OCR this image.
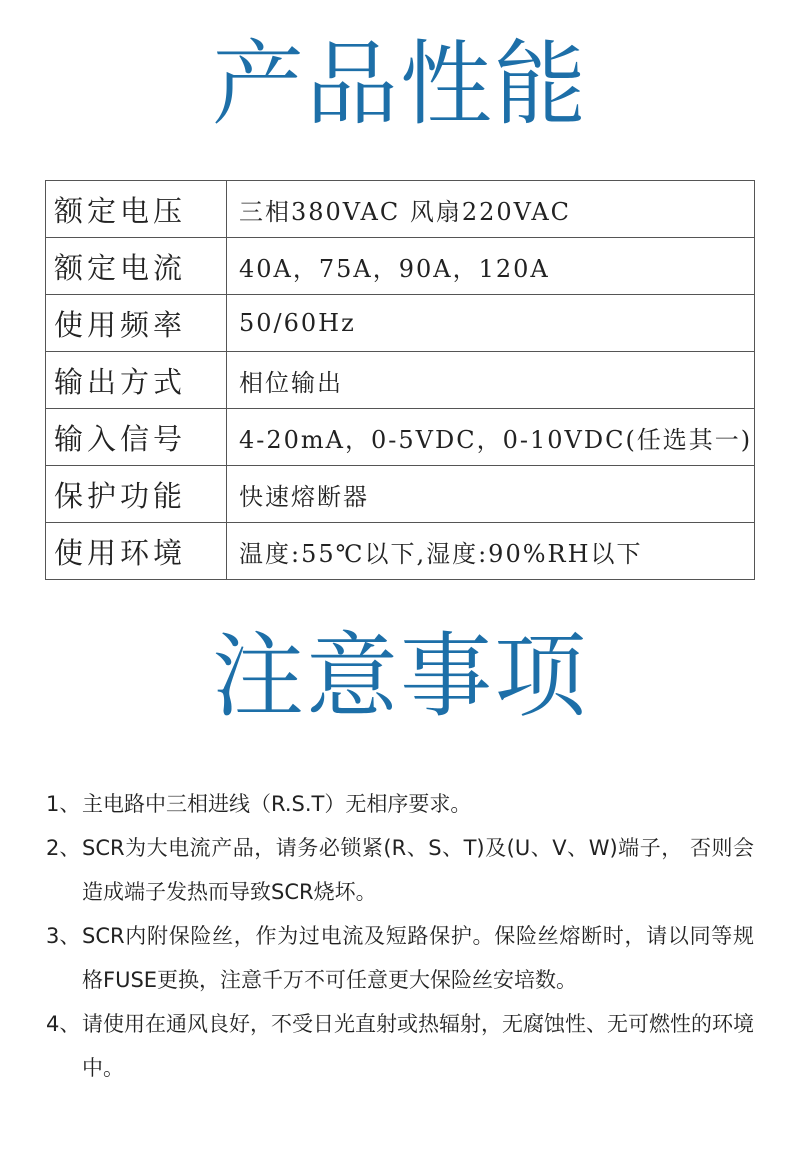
产品性能
额定电压	三相380VAC 风扇220VAC
额定电流	40A，75A，90A，120A
使用频率	50/60Hz
输出方式	相位输出
输入信号	4-20mA，0-5VDC，0-10VDC(任选其一)
保护功能	快速熔断器
使用环境	温度:55℃以下,湿度:90%RH以下
注意事项
1、 主电路中三相进线（R.S.T）无相序要求。
2、 SCR为大电流产品，请务必锁紧(R、S、T)及(U、V、W)端子， 否则会造成端子发热而导致SCR烧坏。
3、 SCR内附保险丝，作为过电流及短路保护。保险丝熔断时，请以同等规格FUSE更换，注意千万不可任意更大保险丝安培数。
4、 请使用在通风良好，不受日光直射或热辐射，无腐蚀性、无可燃性的环境中。
